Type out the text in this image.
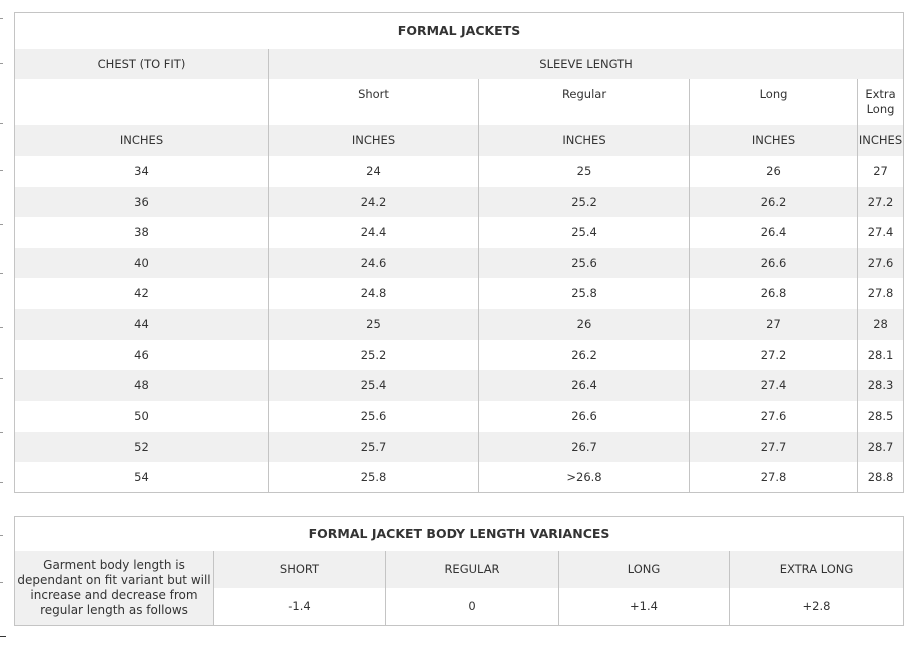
FORMAL JACKETS				
CHEST (TO FIT)	SLEEVE LENGTH			
	Short	Regular	Long	Extra Long
INCHES	INCHES	INCHES	INCHES	INCHES
34	24	25	26	27
36	24.2	25.2	26.2	27.2
38	24.4	25.4	26.4	27.4
40	24.6	25.6	26.6	27.6
42	24.8	25.8	26.8	27.8
44	25	26	27	28
46	25.2	26.2	27.2	28.1
48	25.4	26.4	27.4	28.3
50	25.6	26.6	27.6	28.5
52	25.7	26.7	27.7	28.7
54	25.8	>26.8	27.8	28.8
FORMAL JACKET BODY LENGTH VARIANCES				
Garment body length is dependant on fit variant but will increase and decrease from regular length as follows	SHORT	REGULAR	LONG	EXTRA LONG
	-1.4	0	+1.4	+2.8
